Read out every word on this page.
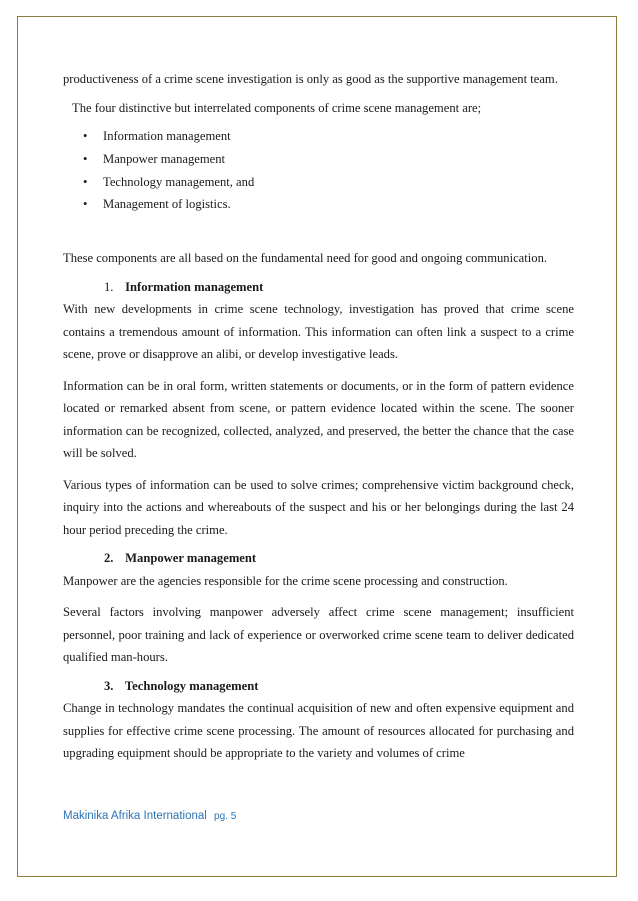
productiveness of a crime scene investigation is only as good as the supportive management team.

The four distinctive but interrelated components of crime scene management are;

• Information management
• Manpower management
• Technology management, and
• Management of logistics.

These components are all based on the fundamental need for good and ongoing communication.

1. Information management

With new developments in crime scene technology, investigation has proved that crime scene contains a tremendous amount of information. This information can often link a suspect to a crime scene, prove or disapprove an alibi, or develop investigative leads.

Information can be in oral form, written statements or documents, or in the form of pattern evidence located or remarked absent from scene, or pattern evidence located within the scene. The sooner information can be recognized, collected, analyzed, and preserved, the better the chance that the case will be solved.

Various types of information can be used to solve crimes; comprehensive victim background check, inquiry into the actions and whereabouts of the suspect and his or her belongings during the last 24 hour period preceding the crime.

2. Manpower management

Manpower are the agencies responsible for the crime scene processing and construction.

Several factors involving manpower adversely affect crime scene management; insufficient personnel, poor training and lack of experience or overworked crime scene team to deliver dedicated qualified man-hours.

3. Technology management

Change in technology mandates the continual acquisition of new and often expensive equipment and supplies for effective crime scene processing. The amount of resources allocated for purchasing and upgrading equipment should be appropriate to the variety and volumes of crime

Makinika Afrika International pg. 5
